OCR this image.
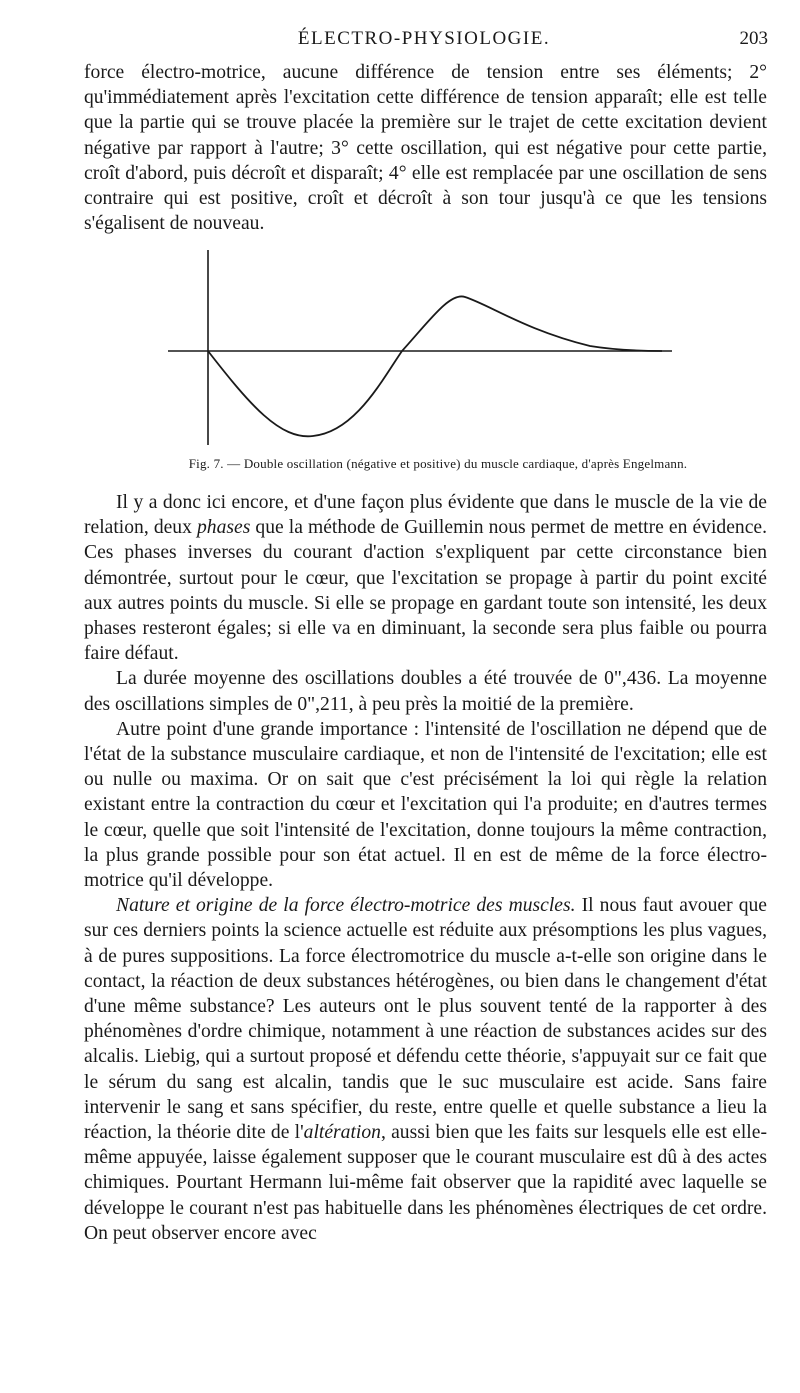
ÉLECTRO-PHYSIOLOGIE.	203

force électro-motrice, aucune différence de tension entre ses éléments; 2° qu'immédiatement après l'excitation cette différence de tension apparaît; elle est telle que la partie qui se trouve placée la première sur le trajet de cette excitation devient négative par rapport à l'autre; 3° cette oscillation, qui est négative pour cette partie, croît d'abord, puis décroît et disparaît; 4° elle est remplacée par une oscillation de sens contraire qui est positive, croît et décroît à son tour jusqu'à ce que les tensions s'égalisent de nouveau.

Fig. 7. — Double oscillation (négative et positive) du muscle cardiaque, d'après Engelmann.

Il y a donc ici encore, et d'une façon plus évidente que dans le muscle de la vie de relation, deux phases que la méthode de Guillemin nous permet de mettre en évidence. Ces phases inverses du courant d'action s'expliquent par cette circonstance bien démontrée, surtout pour le cœur, que l'excitation se propage à partir du point excité aux autres points du muscle. Si elle se propage en gardant toute son intensité, les deux phases resteront égales; si elle va en diminuant, la seconde sera plus faible ou pourra faire défaut.

La durée moyenne des oscillations doubles a été trouvée de 0",436. La moyenne des oscillations simples de 0",211, à peu près la moitié de la première.

Autre point d'une grande importance : l'intensité de l'oscillation ne dépend que de l'état de la substance musculaire cardiaque, et non de l'intensité de l'excitation; elle est ou nulle ou maxima. Or on sait que c'est précisément la loi qui règle la relation existant entre la contraction du cœur et l'excitation qui l'a produite; en d'autres termes le cœur, quelle que soit l'intensité de l'excitation, donne toujours la même contraction, la plus grande possible pour son état actuel. Il en est de même de la force électro-motrice qu'il développe.

Nature et origine de la force électro-motrice des muscles. Il nous faut avouer que sur ces derniers points la science actuelle est réduite aux présomptions les plus vagues, à de pures suppositions. La force électromotrice du muscle a-t-elle son origine dans le contact, la réaction de deux substances hétérogènes, ou bien dans le changement d'état d'une même substance? Les auteurs ont le plus souvent tenté de la rapporter à des phénomènes d'ordre chimique, notamment à une réaction de substances acides sur des alcalis. Liebig, qui a surtout proposé et défendu cette théorie, s'appuyait sur ce fait que le sérum du sang est alcalin, tandis que le suc musculaire est acide. Sans faire intervenir le sang et sans spécifier, du reste, entre quelle et quelle substance a lieu la réaction, la théorie dite de l'altération, aussi bien que les faits sur lesquels elle est elle-même appuyée, laisse également supposer que le courant musculaire est dû à des actes chimiques. Pourtant Hermann lui-même fait observer que la rapidité avec laquelle se développe le courant n'est pas habituelle dans les phénomènes électriques de cet ordre. On peut observer encore avec
